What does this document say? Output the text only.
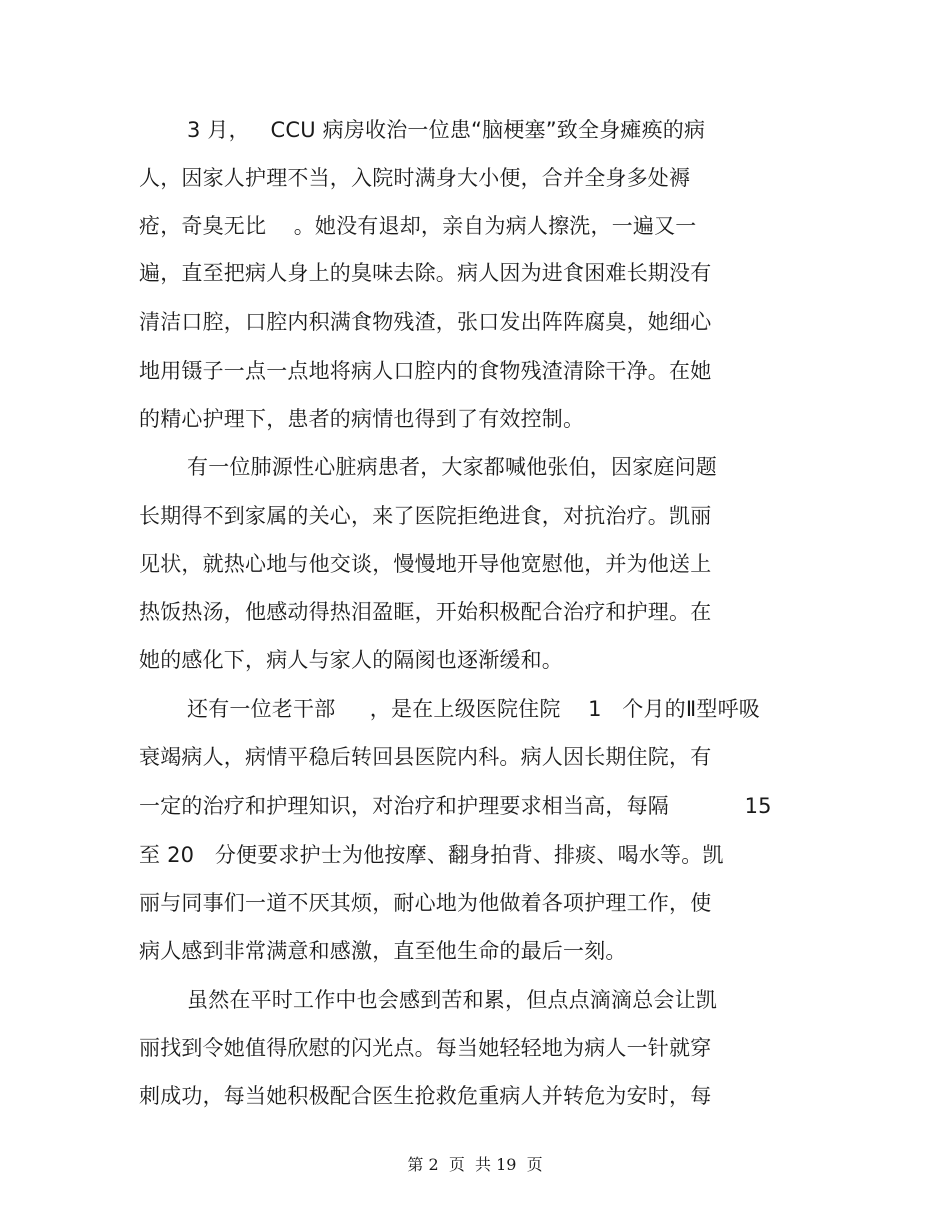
3 月，   CCU 病房收治一位患“脑梗塞”致全身瘫痪的病
人，因家人护理不当，入院时满身大小便，合并全身多处褥
疮，奇臭无比    。她没有退却，亲自为病人擦洗，一遍又一
遍，直至把病人身上的臭味去除。病人因为进食困难长期没有
清洁口腔，口腔内积满食物残渣，张口发出阵阵腐臭，她细心
地用镊子一点一点地将病人口腔内的食物残渣清除干净。在她
的精心护理下，患者的病情也得到了有效控制。
有一位肺源性心脏病患者，大家都喊他张伯，因家庭问题
长期得不到家属的关心，来了医院拒绝进食，对抗治疗。凯丽
见状，就热心地与他交谈，慢慢地开导他宽慰他，并为他送上
热饭热汤，他感动得热泪盈眶，开始积极配合治疗和护理。在
她的感化下，病人与家人的隔阂也逐渐缓和。
还有一位老干部     ，是在上级医院住院    1   个月的Ⅱ型呼吸
衰竭病人，病情平稳后转回县医院内科。病人因长期住院，有
一定的治疗和护理知识，对治疗和护理要求相当高，每隔           15
至 20   分便要求护士为他按摩、翻身拍背、排痰、喝水等。凯
丽与同事们一道不厌其烦，耐心地为他做着各项护理工作，使
病人感到非常满意和感激，直至他生命的最后一刻。
虽然在平时工作中也会感到苦和累，但点点滴滴总会让凯
丽找到令她值得欣慰的闪光点。每当她轻轻地为病人一针就穿
刺成功，每当她积极配合医生抢救危重病人并转危为安时，每
第 2  页  共 19  页
